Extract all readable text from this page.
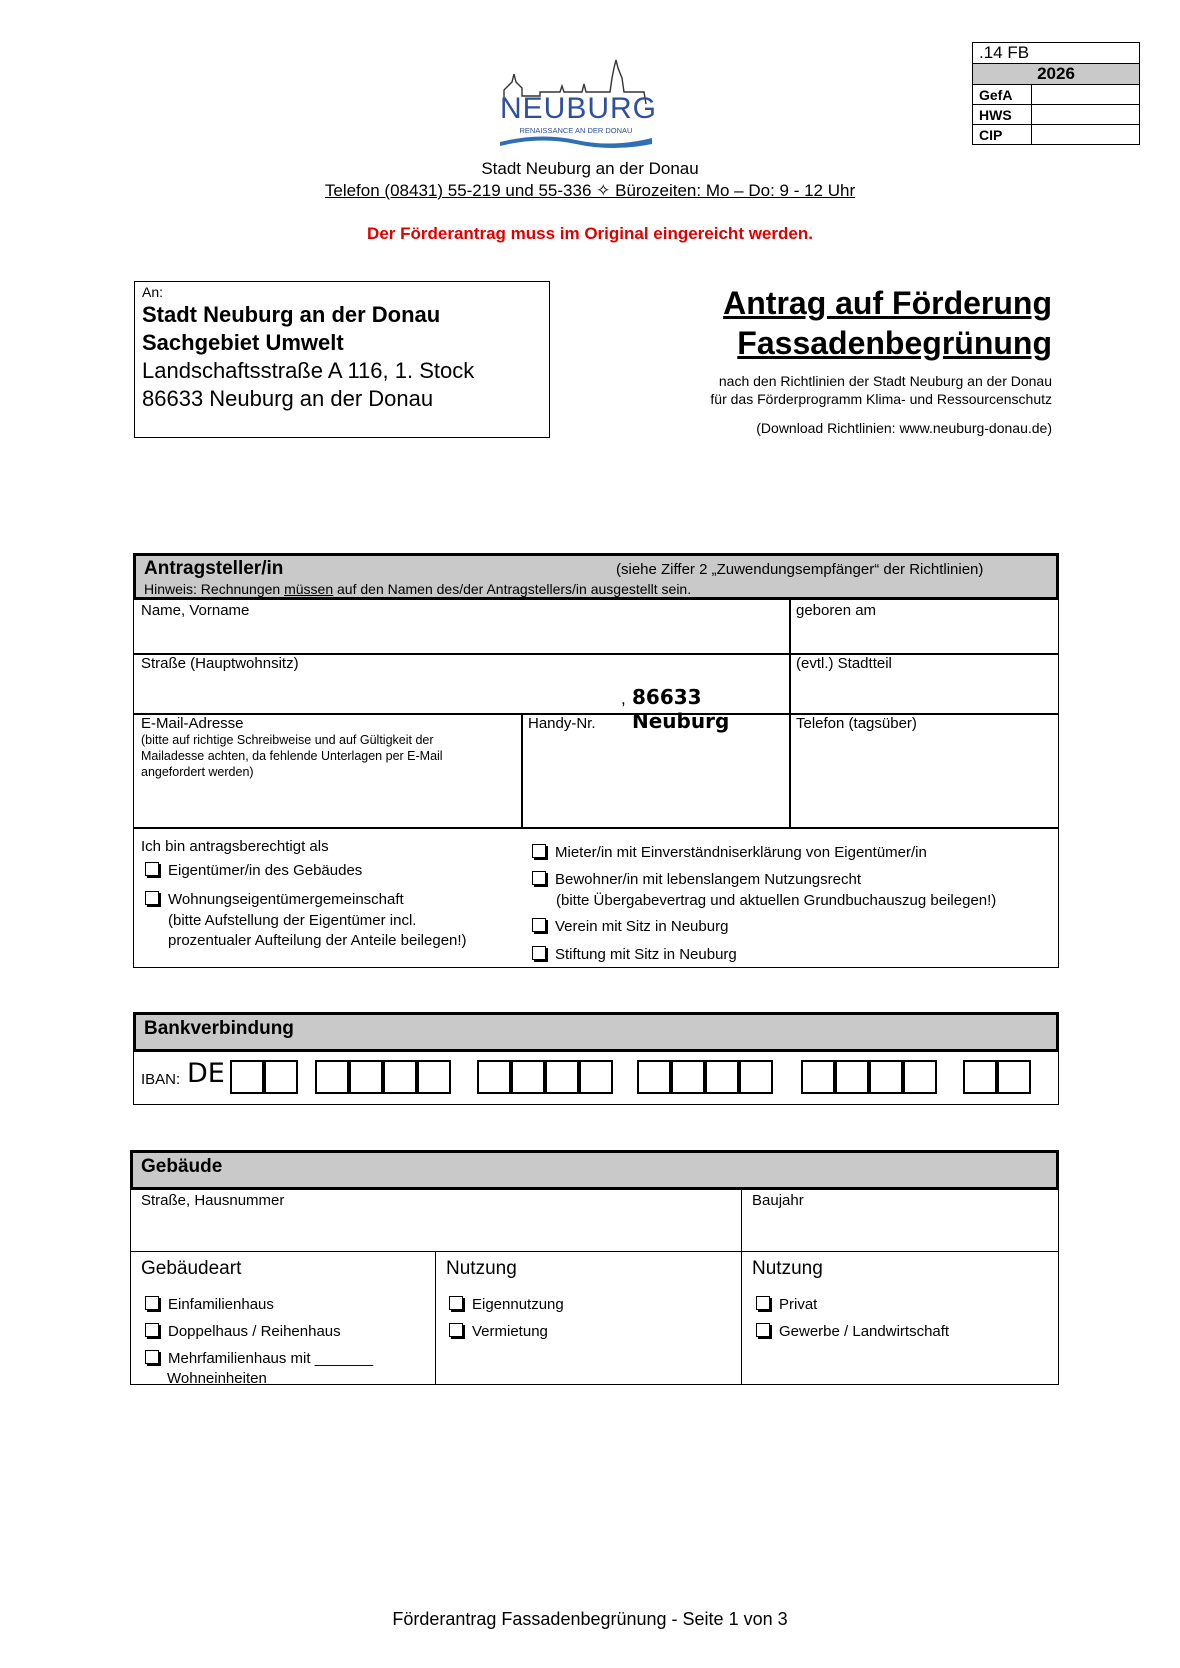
.14 FB	
2026	
GefA	
HWS	
CIP	
NEUBURG
RENAISSANCE AN DER DONAU
Stadt Neuburg an der Donau
Telefon (08431) 55-219 und 55-336 ✧ Bürozeiten: Mo – Do: 9 - 12 Uhr
Der Förderantrag muss im Original eingereicht werden.
An:
Stadt Neuburg an der Donau
Sachgebiet Umwelt
Landschaftsstraße A 116, 1. Stock
86633 Neuburg an der Donau
Antrag auf Förderung
Fassadenbegrünung
nach den Richtlinien der Stadt Neuburg an der Donau
für das Förderprogramm Klima- und Ressourcenschutz
(Download Richtlinien: www.neuburg-donau.de)
Antragsteller/in	(siehe Ziffer 2 „Zuwendungsempfänger“ der Richtlinien)
Hinweis: Rechnungen müssen auf den Namen des/der Antragstellers/in ausgestellt sein.
Name, Vorname	geboren am
Straße (Hauptwohnsitz)
, 86633 Neuburg
(evtl.) Stadtteil
E-Mail-Adresse
(bitte auf richtige Schreibweise und auf Gültigkeit der Mailadesse achten, da fehlende Unterlagen per E-Mail angefordert werden)
Handy-Nr.	Telefon (tagsüber)
Ich bin antragsberechtigt als
Eigentümer/in des Gebäudes
Wohnungseigentümergemeinschaft
(bitte Aufstellung der Eigentümer incl.
prozentualer Aufteilung der Anteile beilegen!)
Mieter/in mit Einverständniserklärung von Eigentümer/in
Bewohner/in mit lebenslangem Nutzungsrecht
(bitte Übergabevertrag und aktuellen Grundbuchauszug beilegen!)
Verein mit Sitz in Neuburg
Stiftung mit Sitz in Neuburg
Bankverbindung
IBAN: DE
Gebäude
Straße, Hausnummer	Baujahr
Gebäudeart
Einfamilienhaus
Doppelhaus / Reihenhaus
Mehrfamilienhaus mit _______
Wohneinheiten
Nutzung
Eigennutzung
Vermietung
Nutzung
Privat
Gewerbe / Landwirtschaft
Förderantrag Fassadenbegrünung - Seite 1 von 3
